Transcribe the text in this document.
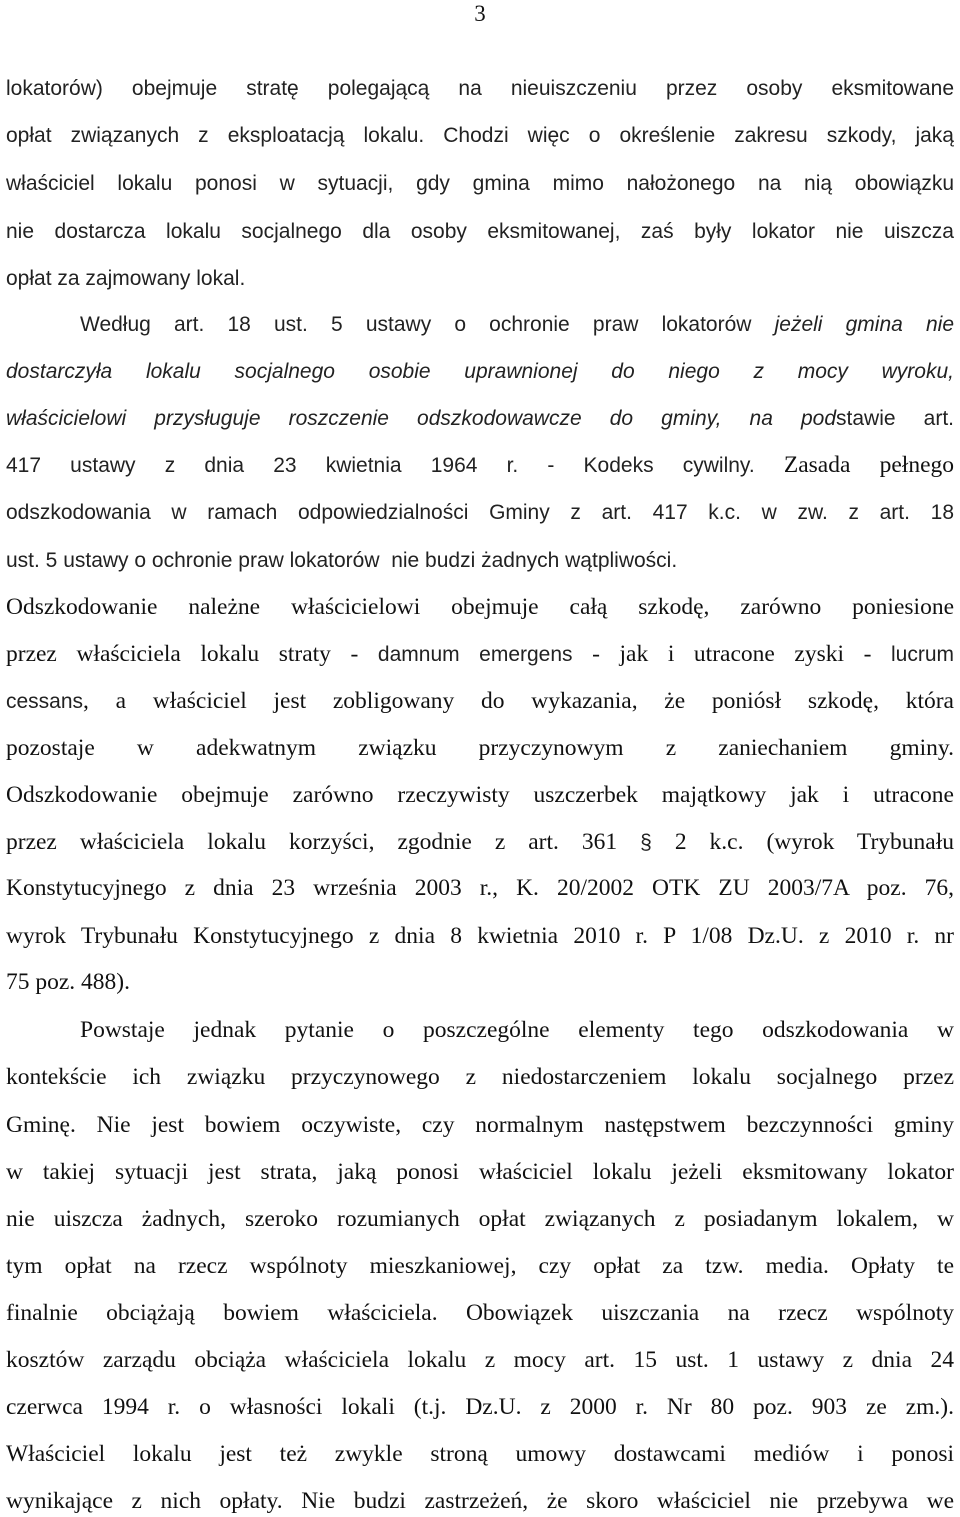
3
lokatorów) obejmuje stratę polegającą na nieuiszczeniu przez osoby eksmitowane
opłat związanych z eksploatacją lokalu. Chodzi więc o określenie zakresu szkody, jaką
właściciel lokalu ponosi w sytuacji, gdy gmina mimo nałożonego na nią obowiązku
nie dostarcza lokalu socjalnego dla osoby eksmitowanej, zaś były lokator nie uiszcza
opłat za zajmowany lokal.
Według art. 18 ust. 5 ustawy o ochronie praw lokatorów jeżeli gmina nie
dostarczyła lokalu socjalnego osobie uprawnionej do niego z mocy wyroku,
właścicielowi przysługuje roszczenie odszkodowawcze do gminy, na podstawie art.
417 ustawy z dnia 23 kwietnia 1964 r. - Kodeks cywilny. Zasada pełnego
odszkodowania w ramach odpowiedzialności Gminy z art. 417 k.c. w zw. z art. 18
ust. 5 ustawy o ochronie praw lokatorów  nie budzi żadnych wątpliwości.
Odszkodowanie należne właścicielowi obejmuje całą szkodę, zarówno poniesione
przez właściciela lokalu straty - damnum emergens - jak i utracone zyski - lucrum
cessans, a właściciel jest zobligowany do wykazania, że poniósł szkodę, która
pozostaje w adekwatnym związku przyczynowym z zaniechaniem gminy.
Odszkodowanie obejmuje zarówno rzeczywisty uszczerbek majątkowy jak i utracone
przez właściciela lokalu korzyści, zgodnie z art. 361 § 2 k.c. (wyrok Trybunału
Konstytucyjnego z dnia 23 września 2003 r., K. 20/2002 OTK ZU 2003/7A poz. 76,
wyrok Trybunału Konstytucyjnego z dnia 8 kwietnia 2010 r. P 1/08 Dz.U. z 2010 r. nr
75 poz. 488).
Powstaje jednak pytanie o poszczególne elementy tego odszkodowania w
kontekście ich związku przyczynowego z niedostarczeniem lokalu socjalnego przez
Gminę. Nie jest bowiem oczywiste, czy normalnym następstwem bezczynności gminy
w takiej sytuacji jest strata, jaką ponosi właściciel lokalu jeżeli eksmitowany lokator
nie uiszcza żadnych, szeroko rozumianych opłat związanych z posiadanym lokalem, w
tym opłat na rzecz wspólnoty mieszkaniowej, czy opłat za tzw. media. Opłaty te
finalnie obciążają bowiem właściciela. Obowiązek uiszczania na rzecz wspólnoty
kosztów zarządu obciąża właściciela lokalu z mocy art. 15 ust. 1 ustawy z dnia 24
czerwca 1994 r. o własności lokali (t.j. Dz.U. z 2000 r. Nr 80 poz. 903 ze zm.).
Właściciel lokalu jest też zwykle stroną umowy dostawcami mediów i ponosi
wynikające z nich opłaty. Nie budzi zastrzeżeń, że skoro właściciel nie przebywa we
